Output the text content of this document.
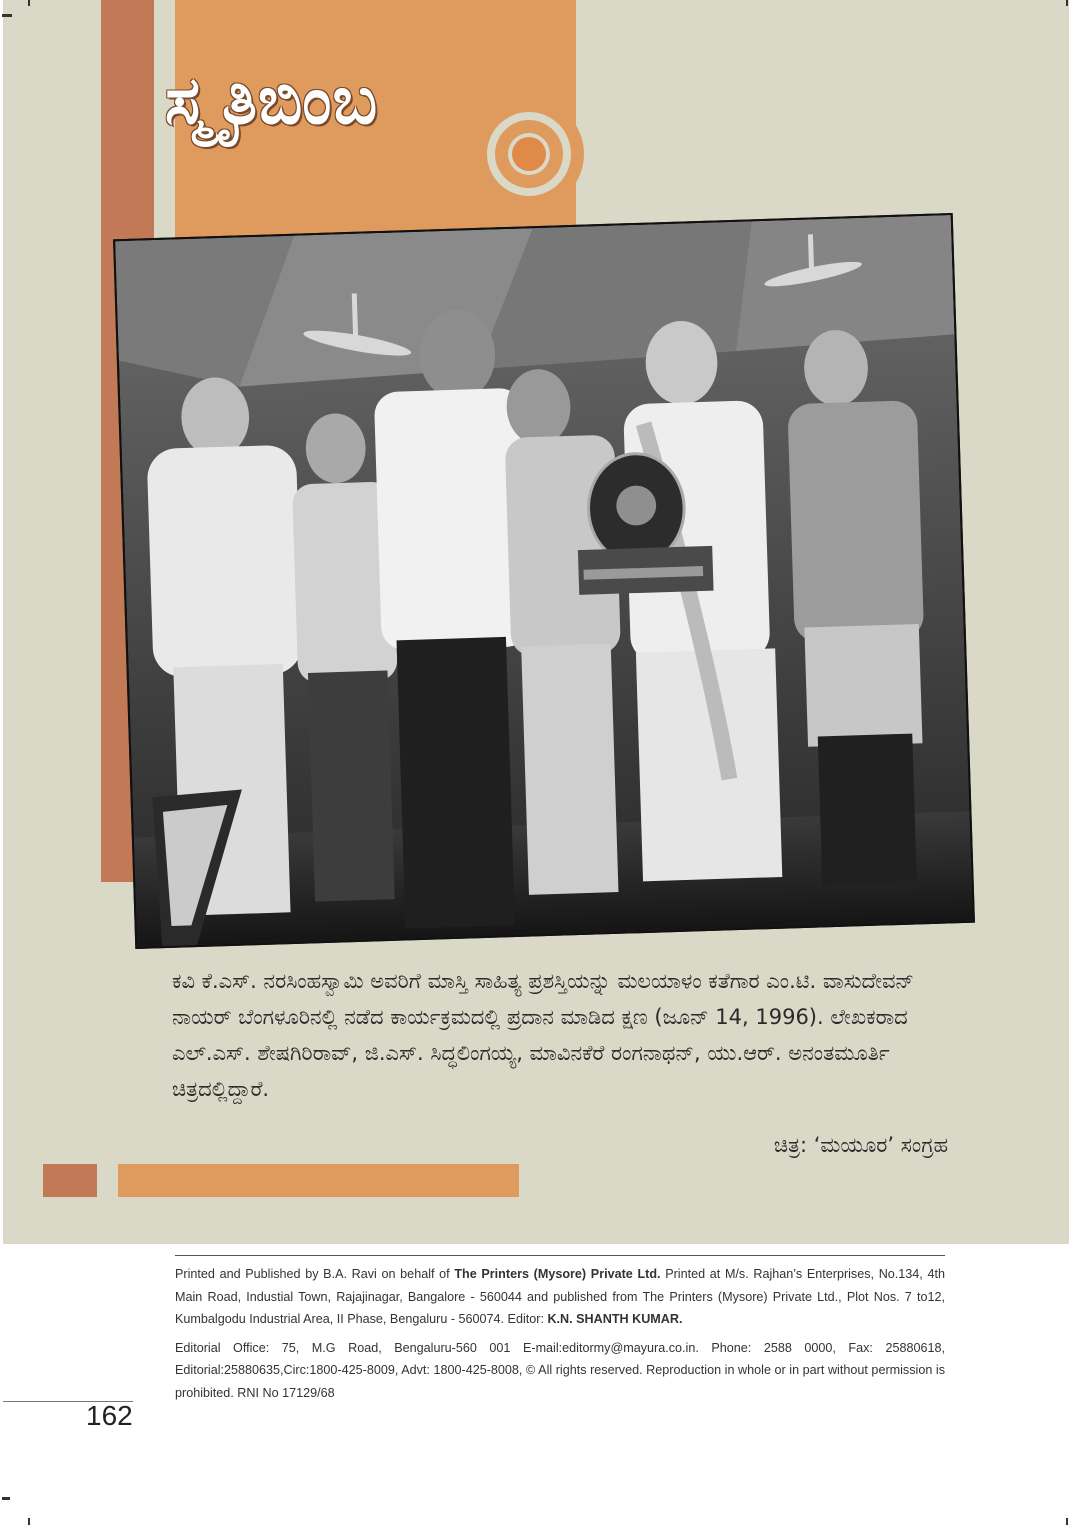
ಸ್ಮೃತಿಬಿಂಬ
ಕವಿ ಕೆ.ಎಸ್. ನರಸಿಂಹಸ್ವಾಮಿ ಅವರಿಗೆ ಮಾಸ್ತಿ ಸಾಹಿತ್ಯ ಪ್ರಶಸ್ತಿಯನ್ನು ಮಲಯಾಳಂ ಕತೆಗಾರ ಎಂ.ಟಿ. ವಾಸುದೇವನ್ ನಾಯರ್ ಬೆಂಗಳೂರಿನಲ್ಲಿ ನಡೆದ ಕಾರ್ಯಕ್ರಮದಲ್ಲಿ ಪ್ರದಾನ ಮಾಡಿದ ಕ್ಷಣ (ಜೂನ್ 14, 1996). ಲೇಖಕರಾದ ಎಲ್.ಎಸ್. ಶೇಷಗಿರಿರಾವ್, ಜಿ.ಎಸ್. ಸಿದ್ಧಲಿಂಗಯ್ಯ, ಮಾವಿನಕೆರೆ ರಂಗನಾಥನ್, ಯು.ಆರ್. ಅನಂತಮೂರ್ತಿ ಚಿತ್ರದಲ್ಲಿದ್ದಾರೆ.
ಚಿತ್ರ: ‘ಮಯೂರ’ ಸಂಗ್ರಹ

Printed and Published by B.A. Ravi on behalf of The Printers (Mysore) Private Ltd. Printed at M/s. Rajhan’s Enterprises, No.134, 4th Main Road, Industial Town, Rajajinagar, Bangalore - 560044 and published from The Printers (Mysore) Private Ltd., Plot Nos. 7 to12, Kumbalgodu Industrial Area, II Phase, Bengaluru - 560074. Editor: K.N. SHANTH KUMAR.

Editorial Office: 75, M.G Road, Bengaluru-560 001 E-mail:editormy@mayura.co.in. Phone: 2588 0000, Fax: 25880618, Editorial:25880635,Circ:1800-425-8009, Advt: 1800-425-8008, © All rights reserved. Reproduction in whole or in part without permission is prohibited. RNI No 17129/68

162
